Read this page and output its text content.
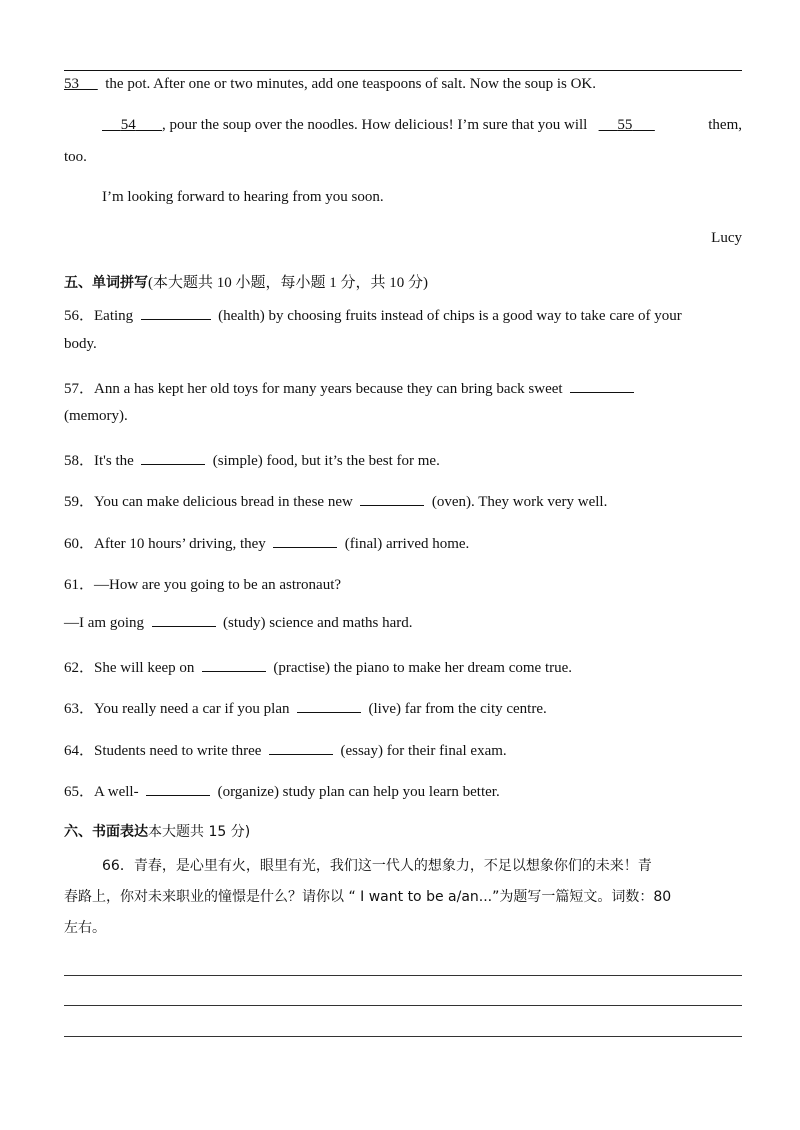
53 the pot. After one or two minutes, add one teaspoons of salt. Now the soup is OK.
54 , pour the soup over the noodles. How delicious! I’m sure that you will 55	them,
too.
I’m looking forward to hearing from you soon.
Lucy
五、单词拼写(本大题共 10 小题，每小题 1 分，共 10 分)
56．Eating	(health) by choosing fruits instead of chips is a good way to take care of your
body.
57．Ann a has kept her old toys for many years because they can bring back sweet
(memory).
58．It's the	(simple) food, but it’s the best for me.
59．You can make delicious bread in these new	(oven). They work very well.
60．After 10 hours’ driving, they	(final) arrived home.
61．—How are you going to be an astronaut?
—I am going	(study) science and maths hard.
62．She will keep on	(practise) the piano to make her dream come true.
63．You really need a car if you plan	(live) far from the city centre.
64．Students need to write three	(essay) for their final exam.
65．A well-	(organize) study plan can help you learn better.
六、书面表达本大题共 15 分)
66．青春，是心里有火，眼里有光，我们这一代人的想象力，不足以想象你们的未来！青
春路上，你对未来职业的憧憬是什么？请你以 “ I want to be a/an...”为题写一篇短文。词数：80
左右。
